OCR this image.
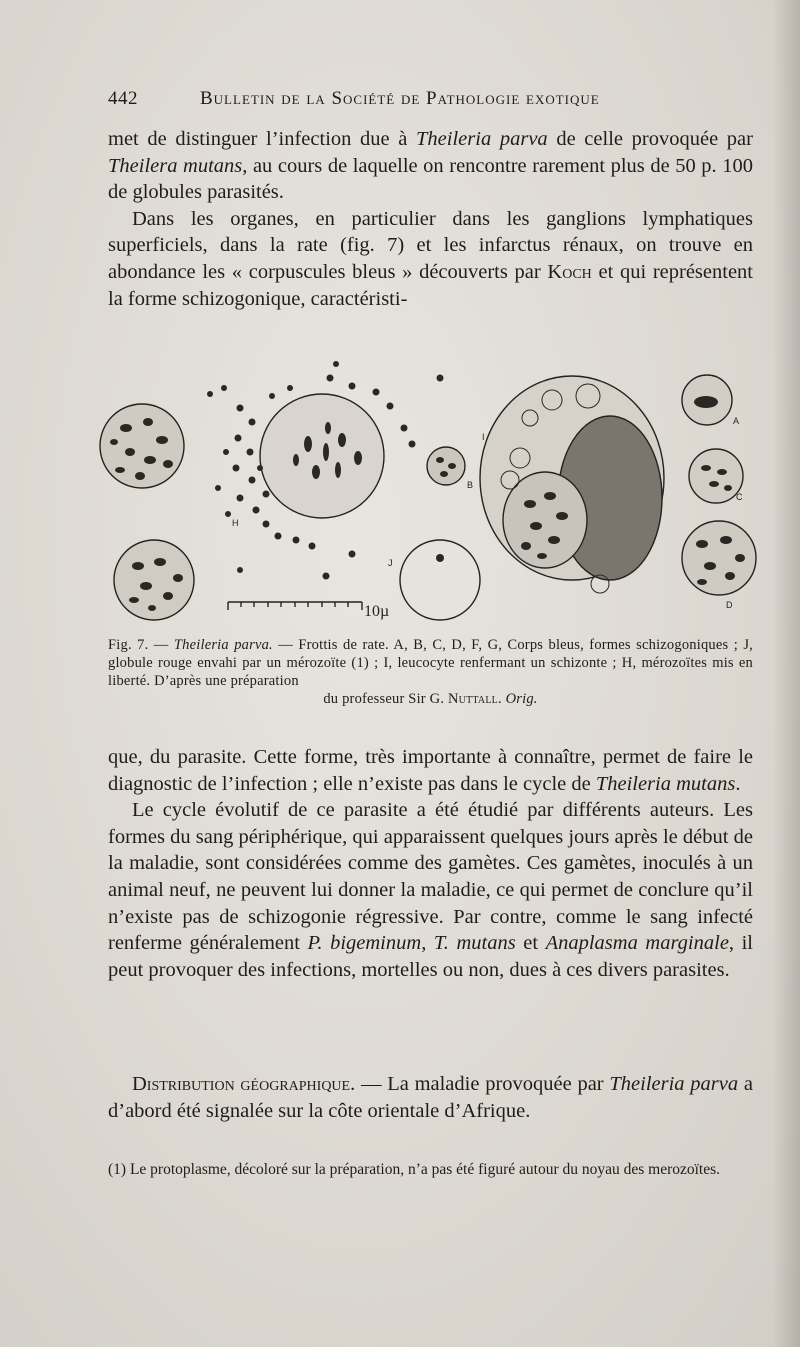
442	Bulletin de la Société de Pathologie exotique

met de distinguer l’infection due à Theileria parva de celle provoquée par Theilera mutans, au cours de laquelle on rencontre rarement plus de 50 p. 100 de globules parasités.

Dans les organes, en particulier dans les ganglions lymphatiques superficiels, dans la rate (fig. 7) et les infarctus rénaux, on trouve en abondance les « corpuscules bleus » découverts par Koch et qui représentent la forme schizogonique, caractéristi-

I
B
J
H
A
C
D
10µ
Fig. 7. — Theileria parva. — Frottis de rate. A, B, C, D, F, G, Corps bleus, formes schizogoniques ; J, globule rouge envahi par un mérozoïte (1) ; I, leucocyte renfermant un schizonte ; H, mérozoïtes mis en liberté. D’après une préparation
du professeur Sir G. Nuttall. Orig.

que, du parasite. Cette forme, très importante à connaître, permet de faire le diagnostic de l’infection ; elle n’existe pas dans le cycle de Theileria mutans.

Le cycle évolutif de ce parasite a été étudié par différents auteurs. Les formes du sang périphérique, qui apparaissent quelques jours après le début de la maladie, sont considérées comme des gamètes. Ces gamètes, inoculés à un animal neuf, ne peuvent lui donner la maladie, ce qui permet de conclure qu’il n’existe pas de schizogonie régressive. Par contre, comme le sang infecté renferme généralement P. bigeminum, T. mutans et Anaplasma marginale, il peut provoquer des infections, mortelles ou non, dues à ces divers parasites.

Distribution géographique. — La maladie provoquée par Theileria parva a d’abord été signalée sur la côte orientale d’Afrique.

(1) Le protoplasme, décoloré sur la préparation, n’a pas été figuré autour du noyau des merozoïtes.
